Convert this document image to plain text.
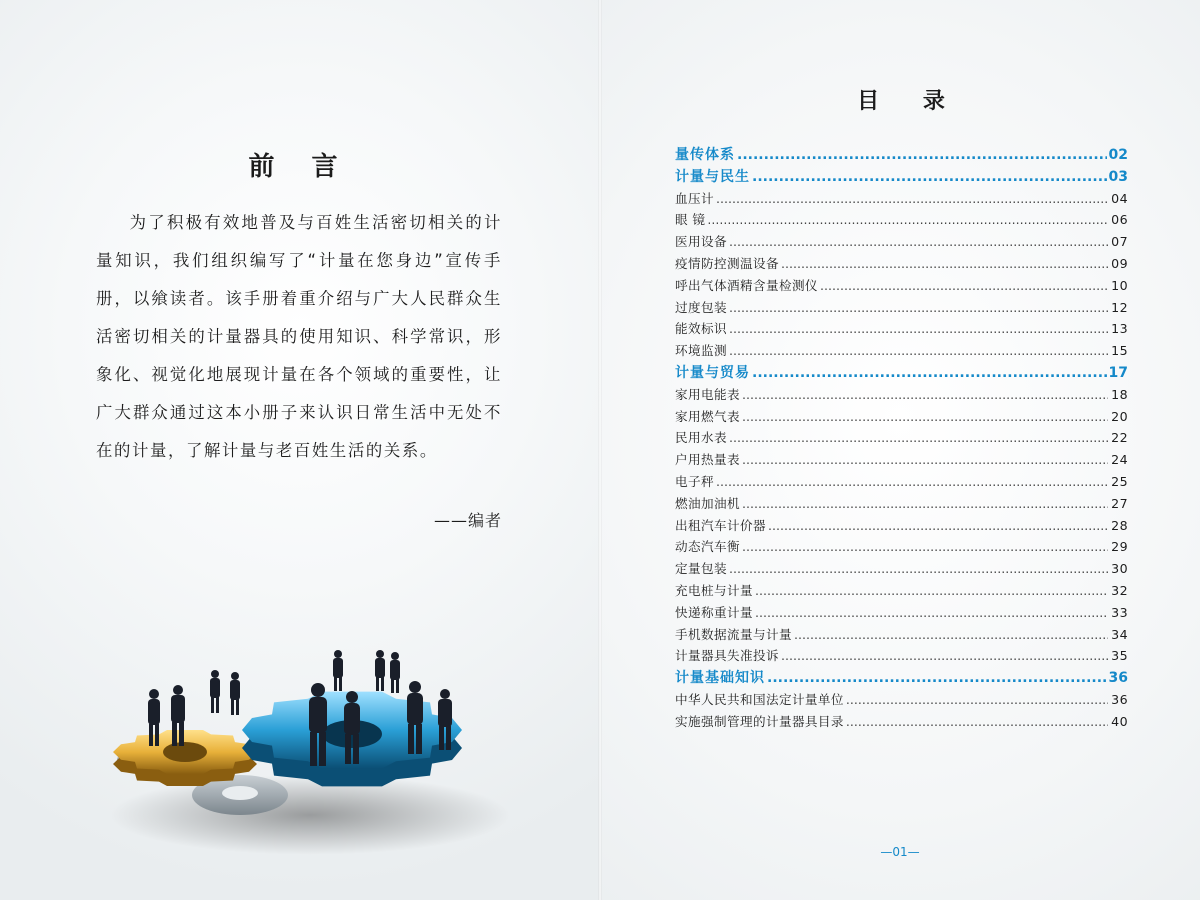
前 言
为了积极有效地普及与百姓生活密切相关的计量知识，我们组织编写了“计量在您身边”宣传手册，以飨读者。该手册着重介绍与广大人民群众生活密切相关的计量器具的使用知识、科学常识，形象化、视觉化地展现计量在各个领域的重要性，让广大群众通过这本小册子来认识日常生活中无处不在的计量，了解计量与老百姓生活的关系。
——编者
目 录
量传体系 .....	02
计量与民生 .....	03
血压计 .....	04
眼 镜 .....	06
医用设备 .....	07
疫情防控测温设备 .....	09
呼出气体酒精含量检测仪 .....	10
过度包装 .....	12
能效标识 .....	13
环境监测 .....	15
计量与贸易 .....	17
家用电能表 .....	18
家用燃气表 .....	20
民用水表 .....	22
户用热量表 .....	24
电子秤 .....	25
燃油加油机 .....	27
出租汽车计价器 .....	28
动态汽车衡 .....	29
定量包装 .....	30
充电桩与计量 .....	32
快递称重计量 .....	33
手机数据流量与计量 .....	34
计量器具失准投诉 .....	35
计量基础知识 .....	36
中华人民共和国法定计量单位 .....	36
实施强制管理的计量器具目录 .....	40
—01—
